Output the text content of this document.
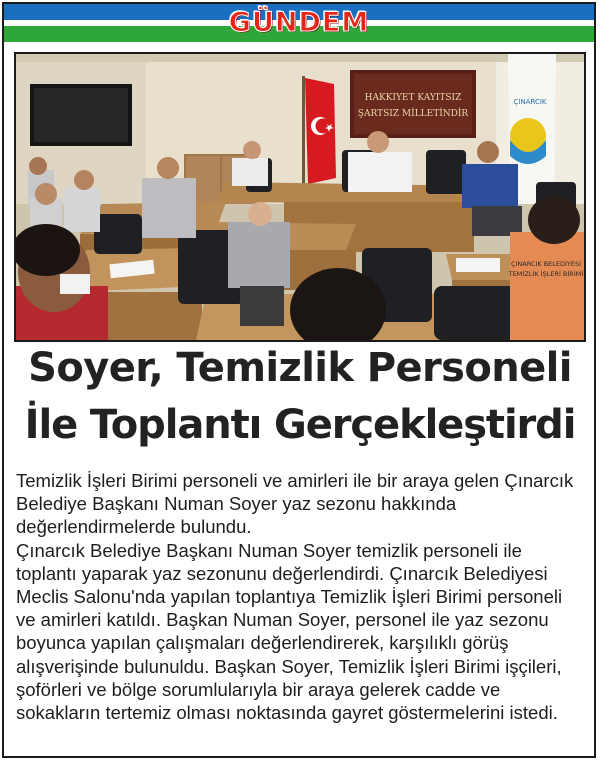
GÜNDEM
HAKKIYET KAYITSIZ
ŞARTSIZ MİLLETİNDİR
ÇINARCIK
ÇINARCIK BELEDİYESİ
TEMİZLİK İŞLERİ BİRİMİ
Soyer, Temizlik Personeli
İle Toplantı Gerçekleştirdi

Temizlik İşleri Birimi personeli ve amirleri ile bir araya gelen Çınarcık Belediye Başkanı Numan Soyer yaz sezonu hakkında değerlendirmelerde bulundu.

Çınarcık Belediye Başkanı Numan Soyer temizlik personeli ile toplantı yaparak yaz sezonunu değerlendirdi. Çınarcık Belediyesi Meclis Salonu'nda yapılan toplantıya Temizlik İşleri Birimi personeli ve amirleri katıldı. Başkan Numan Soyer, personel ile yaz sezonu boyunca yapılan çalışmaları değerlendirerek, karşılıklı görüş alışverişinde bulunuldu. Başkan Soyer, Temizlik İşleri Birimi işçileri, şoförleri ve bölge sorumlularıyla bir araya gelerek cadde ve sokakların tertemiz olması noktasında gayret göstermelerini istedi.
